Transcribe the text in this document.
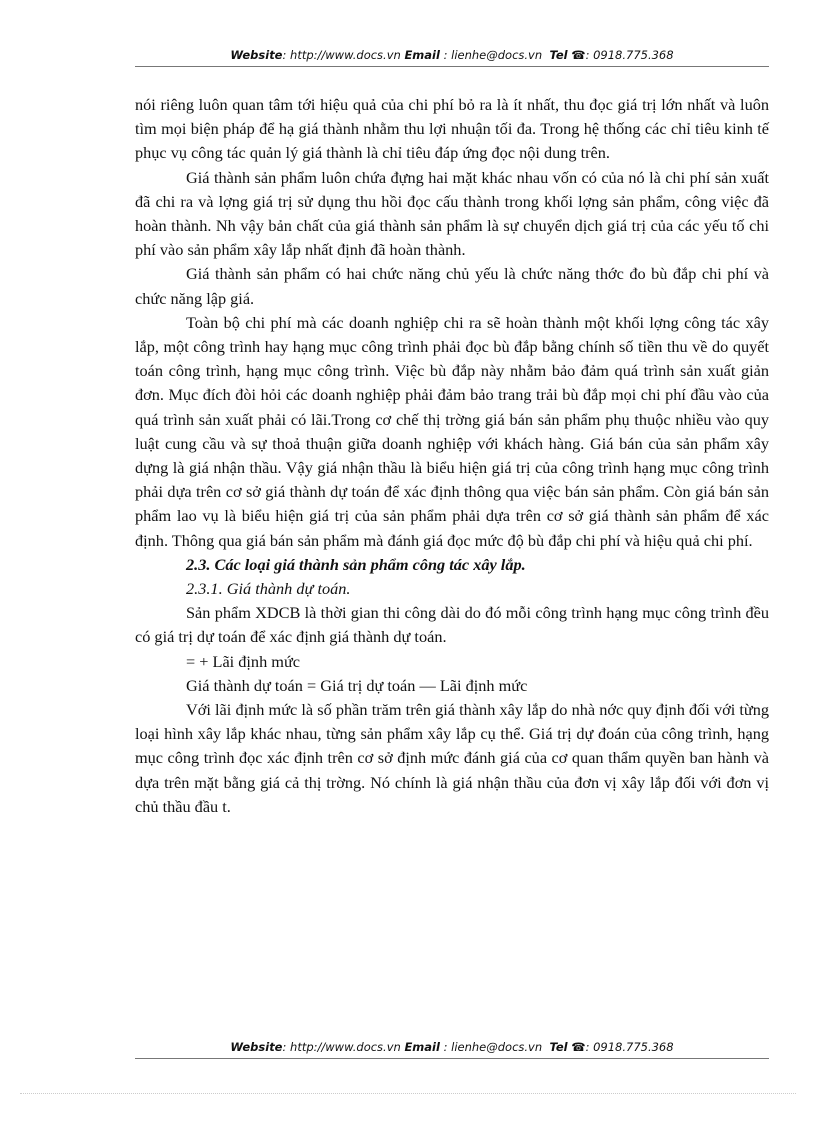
Website: http://www.docs.vn Email : lienhe@docs.vn Tel ☎: 0918.775.368

nói riêng luôn quan tâm tới hiệu quả của chi phí bỏ ra là ít nhất, thu đọc giá trị lớn nhất và luôn tìm mọi biện pháp để hạ giá thành nhằm thu lợi nhuận tối đa. Trong hệ thống các chỉ tiêu kinh tế phục vụ công tác quản lý giá thành là chỉ tiêu đáp ứng đọc nội dung trên.

Giá thành sản phẩm luôn chứa đựng hai mặt khác nhau vốn có của nó là chi phí sản xuất đã chi ra và lợng giá trị sử dụng thu hồi đọc cấu thành trong khối lợng sản phẩm, công việc đã hoàn thành. Nh vậy bản chất của giá thành sản phẩm là sự chuyển dịch giá trị của các yếu tố chi phí vào sản phẩm xây lắp nhất định đã hoàn thành.

Giá thành sản phẩm có hai chức năng chủ yếu là chức năng thớc đo bù đắp chi phí và chức năng lập giá.

Toàn bộ chi phí mà các doanh nghiệp chi ra sẽ hoàn thành một khối lợng công tác xây lắp, một công trình hay hạng mục công trình phải đọc bù đắp bằng chính số tiền thu về do quyết toán công trình, hạng mục công trình. Việc bù đắp này nhằm bảo đảm quá trình sản xuất giản đơn. Mục đích đòi hỏi các doanh nghiệp phải đảm bảo trang trải bù đắp mọi chi phí đầu vào của quá trình sản xuất phải có lãi.Trong cơ chế thị trờng giá bán sản phẩm phụ thuộc nhiều vào quy luật cung cầu và sự thoả thuận giữa doanh nghiệp với khách hàng. Giá bán của sản phẩm xây dựng là giá nhận thầu. Vậy giá nhận thầu là biểu hiện giá trị của công trình hạng mục công trình phải dựa trên cơ sở giá thành dự toán để xác định thông qua việc bán sản phẩm. Còn giá bán sản phẩm lao vụ là biểu hiện giá trị của sản phẩm phải dựa trên cơ sở giá thành sản phẩm để xác định. Thông qua giá bán sản phẩm mà đánh giá đọc mức độ bù đắp chi phí và hiệu quả chi phí.

2.3. Các loại giá thành sản phẩm công tác xây lắp.

2.3.1. Giá thành dự toán.

Sản phẩm XDCB là thời gian thi công dài do đó mỗi công trình hạng mục công trình đều có giá trị dự toán để xác định giá thành dự toán.

= + Lãi định mức

Giá thành dự toán = Giá trị dự toán — Lãi định mức

Với lãi định mức là số phần trăm trên giá thành xây lắp do nhà nớc quy định đối với từng loại hình xây lắp khác nhau, từng sản phẩm xây lắp cụ thể. Giá trị dự đoán của công trình, hạng mục công trình đọc xác định trên cơ sở định mức đánh giá của cơ quan thẩm quyền ban hành và dựa trên mặt bằng giá cả thị trờng. Nó chính là giá nhận thầu của đơn vị xây lắp đối với đơn vị chủ thầu đầu t.

Website: http://www.docs.vn Email : lienhe@docs.vn Tel ☎: 0918.775.368
